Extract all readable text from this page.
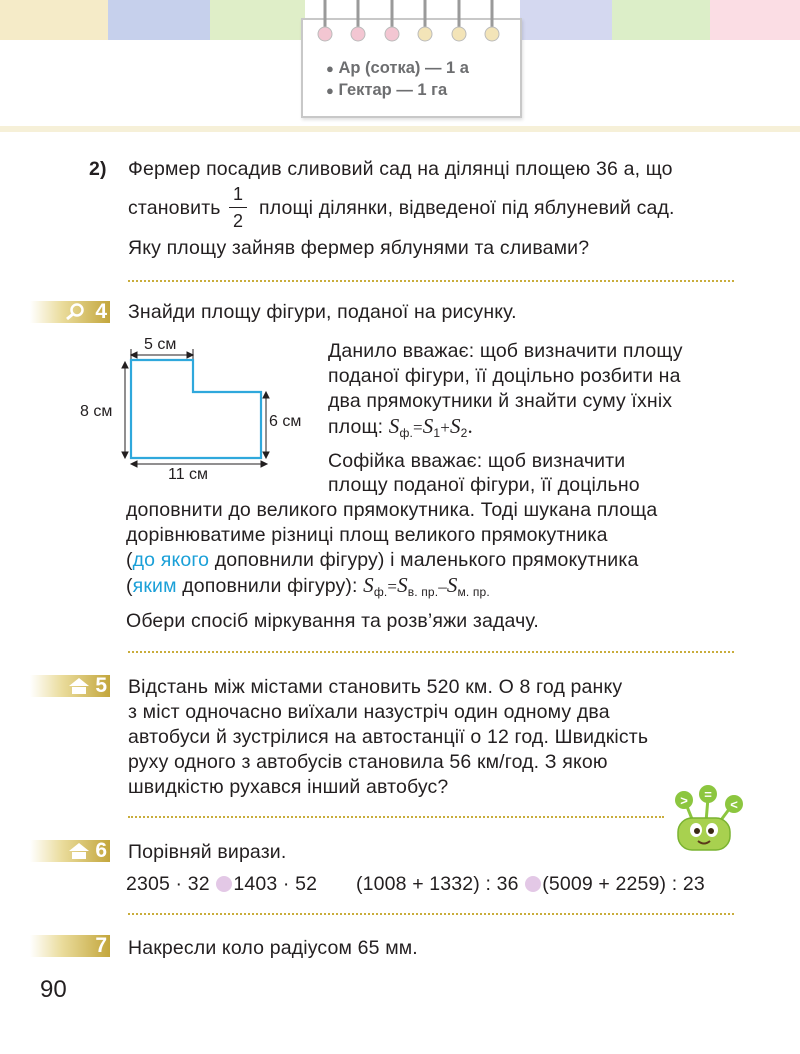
● Ар (сотка) — 1 а
● Гектар — 1 га
2) Фермер посадив сливовий сад на ділянці площею 36 а, що
становить
1
2
площі ділянки, відведеної під яблуневий сад.
Яку площу зайняв фермер яблунями та сливами?
4 Знайди площу фігури, поданої на рисунку.
5 см
8 см
6 см
11 см
Данило вважає: щоб визначити площу
поданої фігури, її доцільно розбити на
два прямокутники й знайти суму їхніх
площ: $S_{ф.}=S_1+S_2$.
Софійка вважає: щоб визначити
площу поданої фігури, її доцільно
доповнити до великого прямокутника. Тоді шукана площа
дорівнюватиме різниці площ великого прямокутника
(до якого доповнили фігуру) і маленького прямокутника
(яким доповнили фігуру): $S_{ф.}=S_{в. пр.}-S_{м. пр.}$
Обери спосіб міркування та розв’яжи задачу.
5 Відстань між містами становить 520 км. О 8 год ранку
з міст одночасно виїхали назустріч один одному два
автобуси й зустрілися на автостанції о 12 год. Швидкість
руху одного з автобусів становила 56 км/год. З якою
швидкістю рухався інший автобус?
> =
<
6 Порівняй вирази.
2305 · 32 1403 · 52 (1008 + 1332) : 36 (5009 + 2259) : 23
7 Накресли коло радіусом 65 мм.
90
